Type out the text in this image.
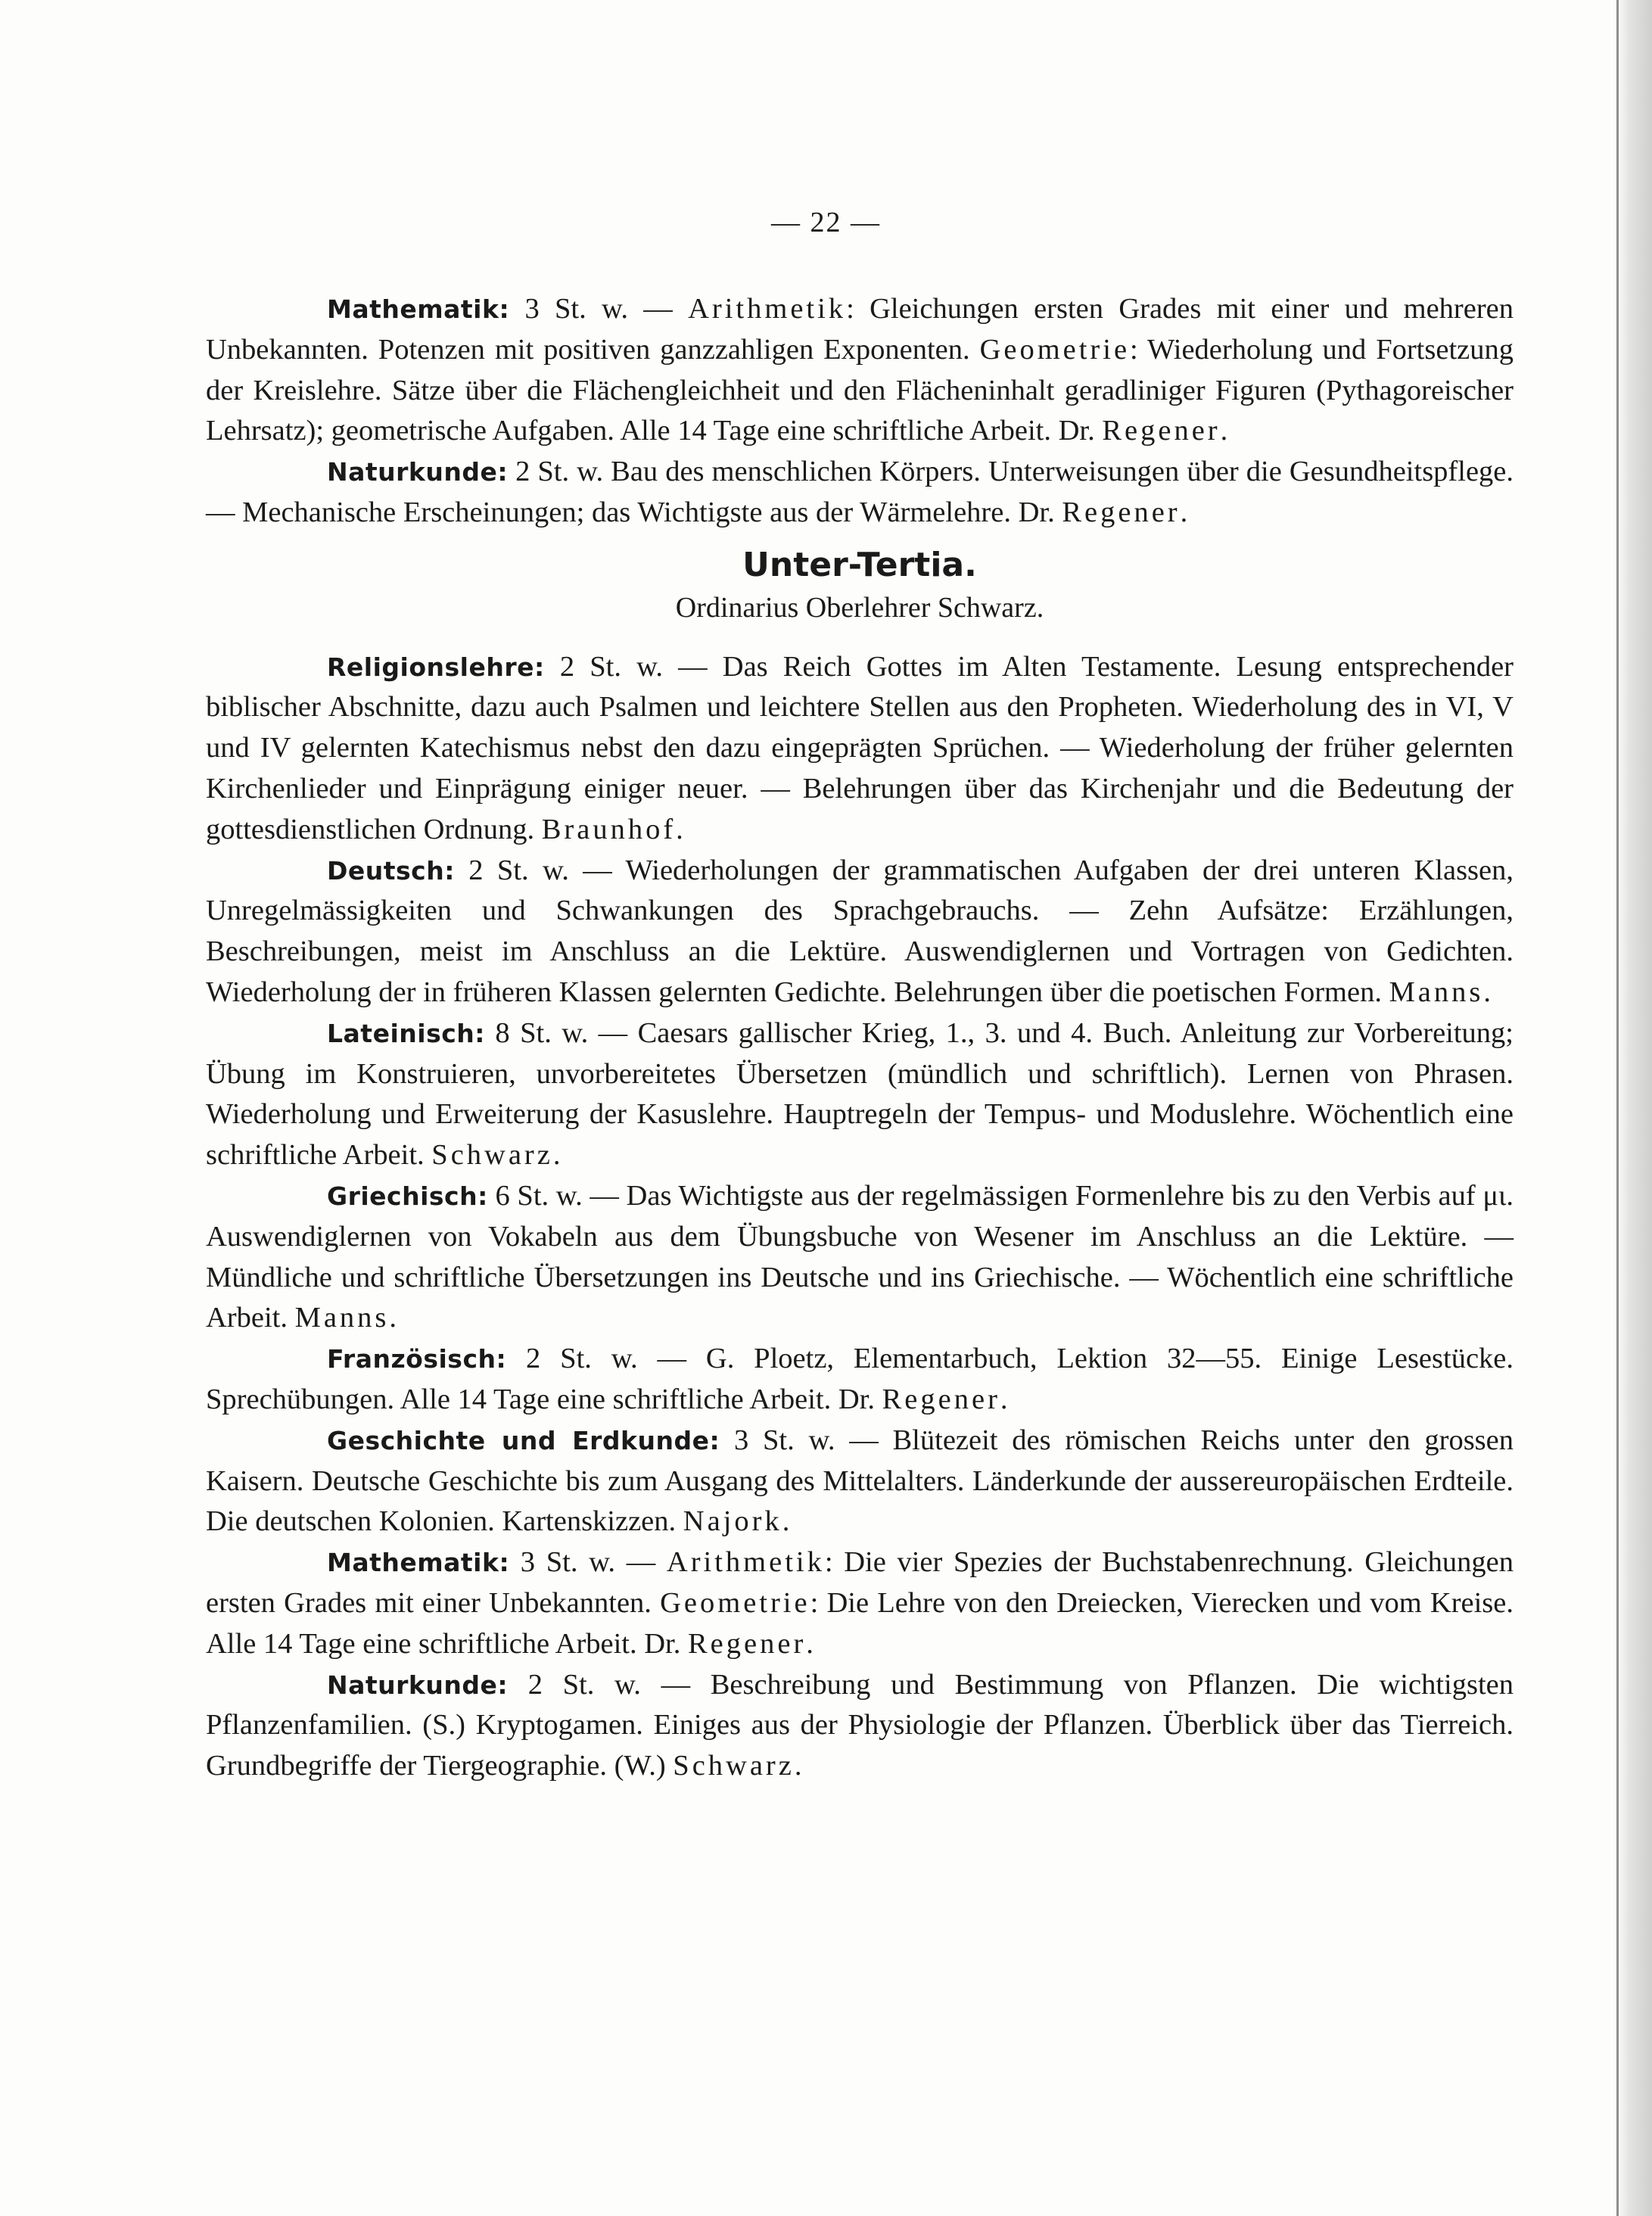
— 22 —

Mathematik: 3 St. w. — Arithmetik: Gleichungen ersten Grades mit einer und mehreren Unbekannten. Potenzen mit positiven ganzzahligen Exponenten. Geometrie: Wiederholung und Fortsetzung der Kreislehre. Sätze über die Flächengleichheit und den Flächeninhalt geradliniger Figuren (Pythagoreischer Lehrsatz); geometrische Aufgaben. Alle 14 Tage eine schriftliche Arbeit. Dr. Regener.

Naturkunde: 2 St. w. Bau des menschlichen Körpers. Unterweisungen über die Gesundheitspflege. — Mechanische Erscheinungen; das Wichtigste aus der Wärmelehre. Dr. Regener.

Unter-Tertia.
Ordinarius Oberlehrer Schwarz.

Religionslehre: 2 St. w. — Das Reich Gottes im Alten Testamente. Lesung entsprechender biblischer Abschnitte, dazu auch Psalmen und leichtere Stellen aus den Propheten. Wiederholung des in VI, V und IV gelernten Katechismus nebst den dazu eingeprägten Sprüchen. — Wiederholung der früher gelernten Kirchenlieder und Einprägung einiger neuer. — Belehrungen über das Kirchenjahr und die Bedeutung der gottesdienstlichen Ordnung. Braunhof.

Deutsch: 2 St. w. — Wiederholungen der grammatischen Aufgaben der drei unteren Klassen, Unregelmässigkeiten und Schwankungen des Sprachgebrauchs. — Zehn Aufsätze: Erzählungen, Beschreibungen, meist im Anschluss an die Lektüre. Auswendiglernen und Vortragen von Gedichten. Wiederholung der in früheren Klassen gelernten Gedichte. Belehrungen über die poetischen Formen. Manns.

Lateinisch: 8 St. w. — Caesars gallischer Krieg, 1., 3. und 4. Buch. Anleitung zur Vorbereitung; Übung im Konstruieren, unvorbereitetes Übersetzen (mündlich und schriftlich). Lernen von Phrasen. Wiederholung und Erweiterung der Kasuslehre. Hauptregeln der Tempus- und Moduslehre. Wöchentlich eine schriftliche Arbeit. Schwarz.

Griechisch: 6 St. w. — Das Wichtigste aus der regelmässigen Formenlehre bis zu den Verbis auf μι. Auswendiglernen von Vokabeln aus dem Übungsbuche von Wesener im Anschluss an die Lektüre. — Mündliche und schriftliche Übersetzungen ins Deutsche und ins Griechische. — Wöchentlich eine schriftliche Arbeit. Manns.

Französisch: 2 St. w. — G. Ploetz, Elementarbuch, Lektion 32—55. Einige Lesestücke. Sprechübungen. Alle 14 Tage eine schriftliche Arbeit. Dr. Regener.

Geschichte und Erdkunde: 3 St. w. — Blütezeit des römischen Reichs unter den grossen Kaisern. Deutsche Geschichte bis zum Ausgang des Mittelalters. Länderkunde der aussereuropäischen Erdteile. Die deutschen Kolonien. Kartenskizzen. Najork.

Mathematik: 3 St. w. — Arithmetik: Die vier Spezies der Buchstabenrechnung. Gleichungen ersten Grades mit einer Unbekannten. Geometrie: Die Lehre von den Dreiecken, Vierecken und vom Kreise. Alle 14 Tage eine schriftliche Arbeit. Dr. Regener.

Naturkunde: 2 St. w. — Beschreibung und Bestimmung von Pflanzen. Die wichtigsten Pflanzenfamilien. (S.) Kryptogamen. Einiges aus der Physiologie der Pflanzen. Überblick über das Tierreich. Grundbegriffe der Tiergeographie. (W.) Schwarz.
